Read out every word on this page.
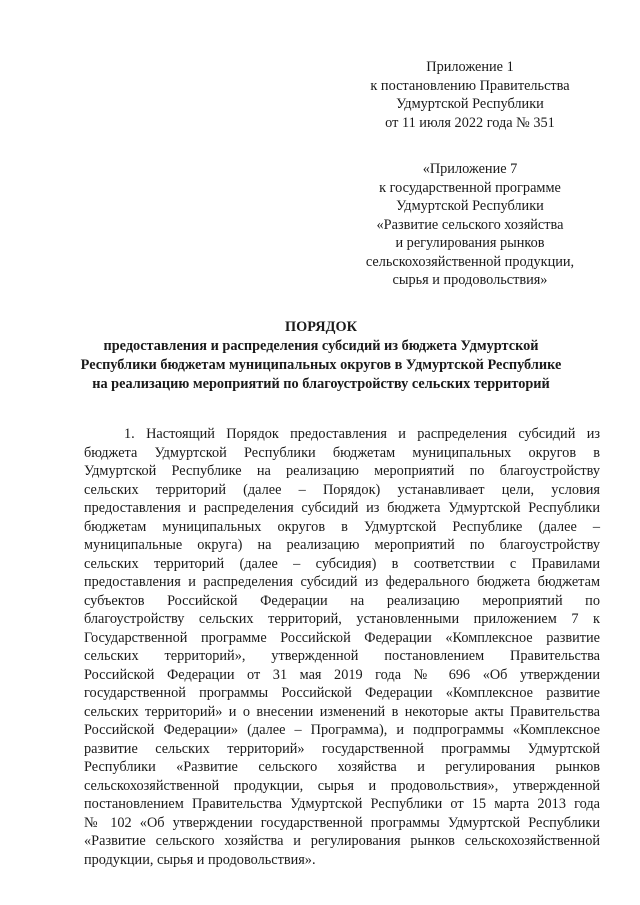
Приложение 1
к постановлению Правительства
Удмуртской Республики
от 11 июля 2022 года № 351
«Приложение 7
к государственной программе
Удмуртской Республики
«Развитие сельского хозяйства
и регулирования рынков
сельскохозяйственной продукции,
сырья и продовольствия»
ПОРЯДОК
предоставления и распределения субсидий из бюджета Удмуртской
Республики бюджетам муниципальных округов в Удмуртской Республике
на реализацию мероприятий по благоустройству сельских территорий
1. Настоящий Порядок предоставления и распределения субсидий из
бюджета Удмуртской Республики бюджетам муниципальных округов в
Удмуртской Республике на реализацию мероприятий по благоустройству
сельских территорий (далее – Порядок) устанавливает цели, условия
предоставления и распределения субсидий из бюджета Удмуртской Республики
бюджетам муниципальных округов в Удмуртской Республике (далее –
муниципальные округа) на реализацию мероприятий по благоустройству
сельских территорий (далее – субсидия) в соответствии с Правилами
предоставления и распределения субсидий из федерального бюджета бюджетам
субъектов Российской Федерации на реализацию мероприятий по
благоустройству сельских территорий, установленными приложением 7 к
Государственной программе Российской Федерации «Комплексное развитие
сельских территорий», утвержденной постановлением Правительства
Российской Федерации от 31 мая 2019 года № 696 «Об утверждении
государственной программы Российской Федерации «Комплексное развитие
сельских территорий» и о внесении изменений в некоторые акты Правительства
Российской Федерации» (далее – Программа), и подпрограммы «Комплексное
развитие сельских территорий» государственной программы Удмуртской
Республики «Развитие сельского хозяйства и регулирования рынков
сельскохозяйственной продукции, сырья и продовольствия», утвержденной
постановлением Правительства Удмуртской Республики от 15 марта 2013 года
№ 102 «Об утверждении государственной программы Удмуртской Республики
«Развитие сельского хозяйства и регулирования рынков сельскохозяйственной
продукции, сырья и продовольствия».
